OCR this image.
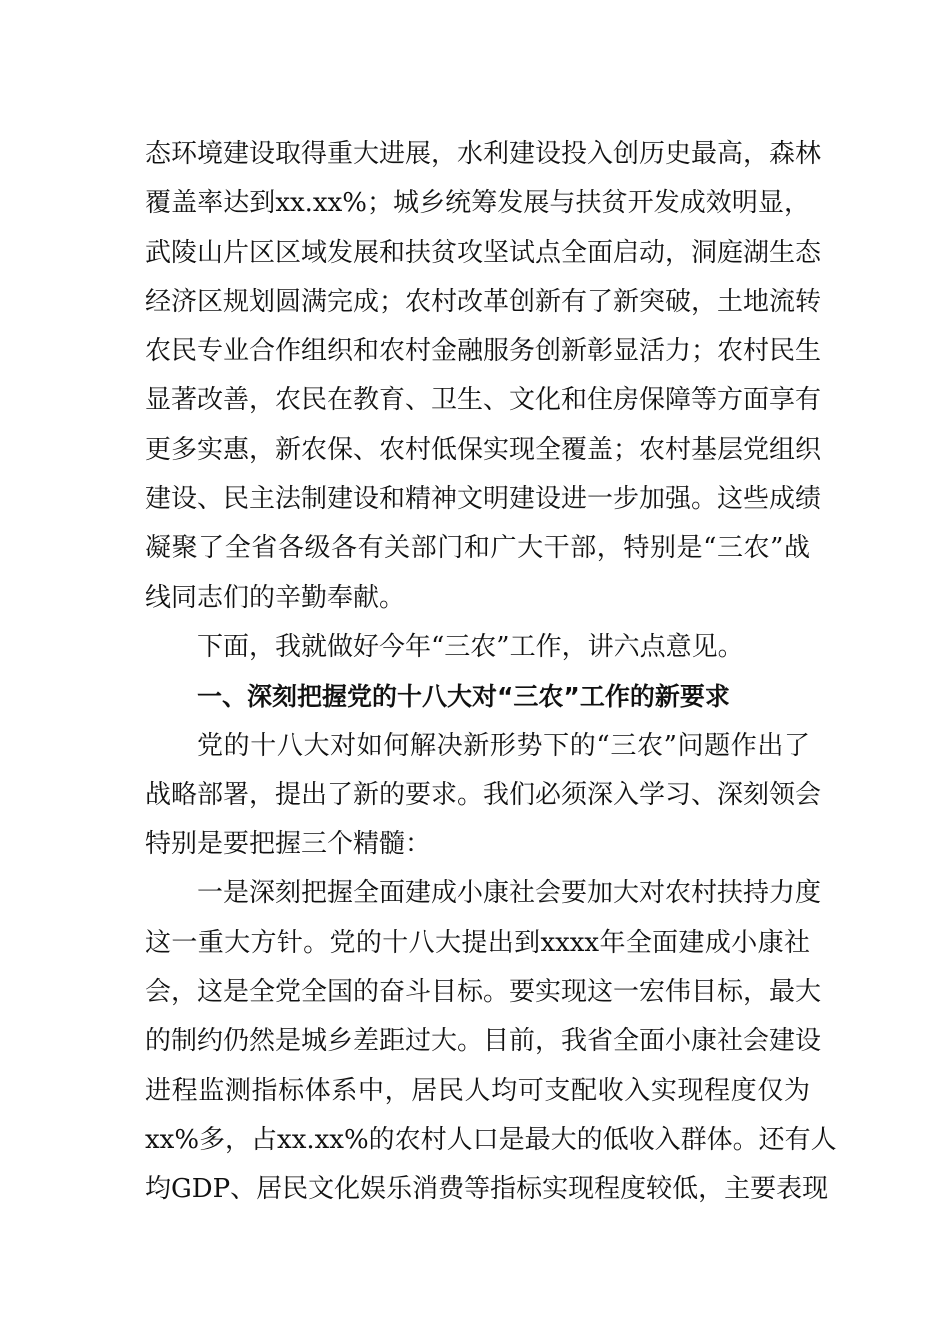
态环境建设取得重大进展，水利建设投入创历史最高，森林
覆盖率达到xx.xx%；城乡统筹发展与扶贫开发成效明显，
武陵山片区区域发展和扶贫攻坚试点全面启动，洞庭湖生态
经济区规划圆满完成；农村改革创新有了新突破，土地流转
农民专业合作组织和农村金融服务创新彰显活力；农村民生
显著改善，农民在教育、卫生、文化和住房保障等方面享有
更多实惠，新农保、农村低保实现全覆盖；农村基层党组织
建设、民主法制建设和精神文明建设进一步加强。这些成绩
凝聚了全省各级各有关部门和广大干部，特别是“三农”战
线同志们的辛勤奉献。
下面，我就做好今年“三农”工作，讲六点意见。
一、深刻把握党的十八大对“三农”工作的新要求
党的十八大对如何解决新形势下的“三农”问题作出了
战略部署，提出了新的要求。我们必须深入学习、深刻领会
特别是要把握三个精髓：
一是深刻把握全面建成小康社会要加大对农村扶持力度
这一重大方针。党的十八大提出到xxxx年全面建成小康社
会，这是全党全国的奋斗目标。要实现这一宏伟目标，最大
的制约仍然是城乡差距过大。目前，我省全面小康社会建设
进程监测指标体系中，居民人均可支配收入实现程度仅为
xx%多，占xx.xx%的农村人口是最大的低收入群体。还有人
均GDP、居民文化娱乐消费等指标实现程度较低，主要表现
